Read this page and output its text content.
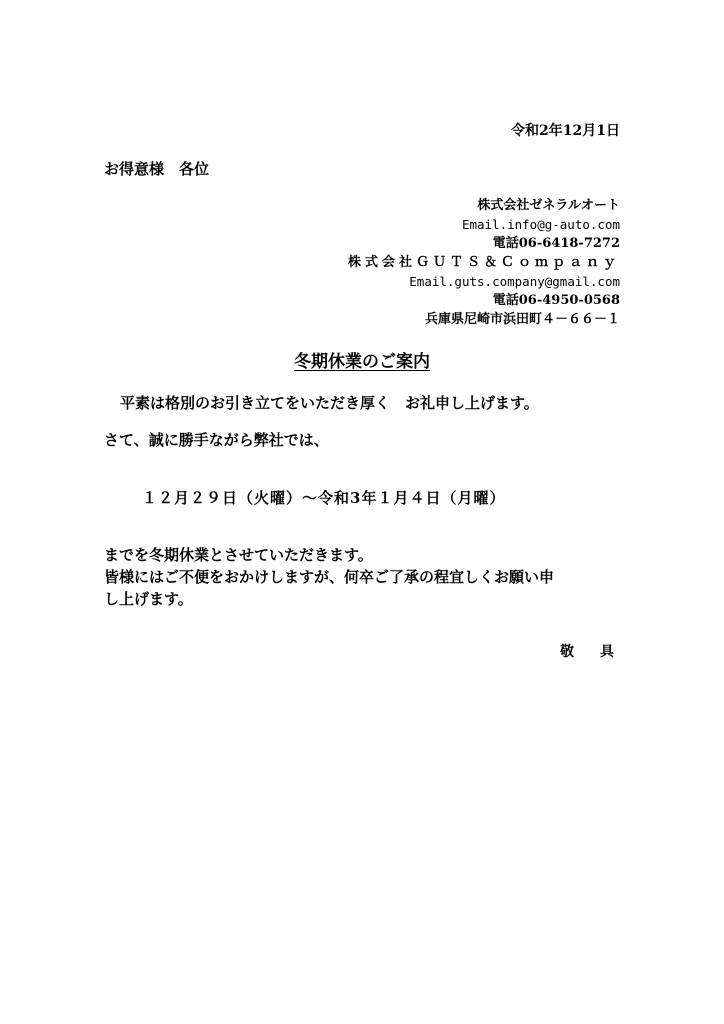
令和2年12月1日
お得意様　各位
株式会社ゼネラルオート
Email.info@g-auto.com
電話06-6418-7272
株式会社ＧＵＴＳ＆Ｃｏｍｐａｎｙ
Email.guts.company@gmail.com
電話06-4950-0568
兵庫県尼崎市浜田町４－６６－１
冬期休業のご案内
平素は格別のお引き立てをいただき厚く　お礼申し上げます。
さて、誠に勝手ながら弊社では、
１２月２９日（火曜）～令和3年１月４日（月曜）
までを冬期休業とさせていただきます。
皆様にはご不便をおかけしますが、何卒ご了承の程宜しくお願い申
し上げます。
敬　具
